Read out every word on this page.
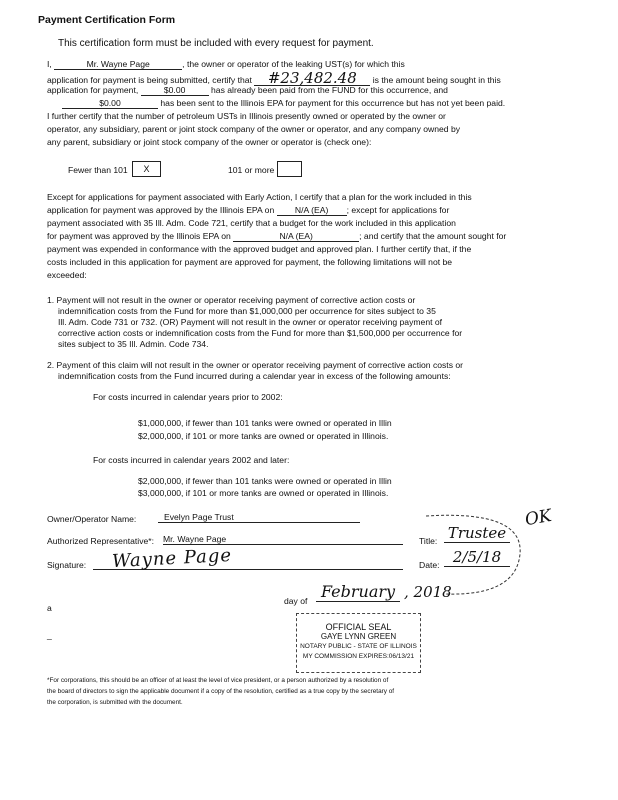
Payment Certification Form
This certification form must be included with every request for payment.
I,	Mr. Wayne Page	, the owner or operator of the leaking UST(s) for which this
application for payment is being submitted, certify that #23,482.48 is the amount being sought in this
application for payment,	$0.00	has already been paid from the FUND for this occurrence, and
$0.00	has been sent to the Illinois EPA for payment for this occurrence but has not yet been paid.
I further certify that the number of petroleum USTs in Illinois presently owned or operated by the owner or
operator, any subsidiary, parent or joint stock company of the owner or operator, and any company owned by
any parent, subsidiary or joint stock company of the owner or operator is (check one):
Fewer than 101	X	101 or more
Except for applications for payment associated with Early Action, I certify that a plan for the work included in this
application for payment was approved by the Illinois EPA on N/A (EA) ; except for applications for
payment associated with 35 Ill. Adm. Code 721, certify that a budget for the work included in this application
for payment was approved by the Illinois EPA on	N/A (EA)	; and certify that the amount sought for
payment was expended in conformance with the approved budget and approved plan. I further certify that, if the
costs included in this application for payment are approved for payment, the following limitations will not be
exceeded:
1. Payment will not result in the owner or operator receiving payment of corrective action costs or
indemnification costs from the Fund for more than $1,000,000 per occurrence for sites subject to 35
Ill. Adm. Code 731 or 732. (OR) Payment will not result in the owner or operator receiving payment of
corrective action costs or indemnification costs from the Fund for more than $1,500,000 per occurrence for
sites subject to 35 Ill. Admin. Code 734.
2. Payment of this claim will not result in the owner or operator receiving payment of corrective action costs or
indemnification costs from the Fund incurred during a calendar year in excess of the following amounts:
For costs incurred in calendar years prior to 2002:
$1,000,000, if fewer than 101 tanks were owned or operated in Illin
$2,000,000, if 101 or more tanks are owned or operated in Illinois.
For costs incurred in calendar years 2002 and later:
$2,000,000, if fewer than 101 tanks were owned or operated in Illin
$3,000,000, if 101 or more tanks are owned or operated in Illinois.
Owner/Operator Name:	Evelyn Page Trust
Authorized Representative*: Mr. Wayne Page	Title: Trustee
Signature: Wayne Page	Date: 2/5/18
OK
a
_
day of February , 2018
OFFICIAL SEAL
GAYE LYNN GREEN
NOTARY PUBLIC - STATE OF ILLINOIS
MY COMMISSION EXPIRES:06/13/21
*For corporations, this should be an officer of at least the level of vice president, or a person authorized by a resolution of
the board of directors to sign the applicable document if a copy of the resolution, certified as a true copy by the secretary of
the corporation, is submitted with the document.
